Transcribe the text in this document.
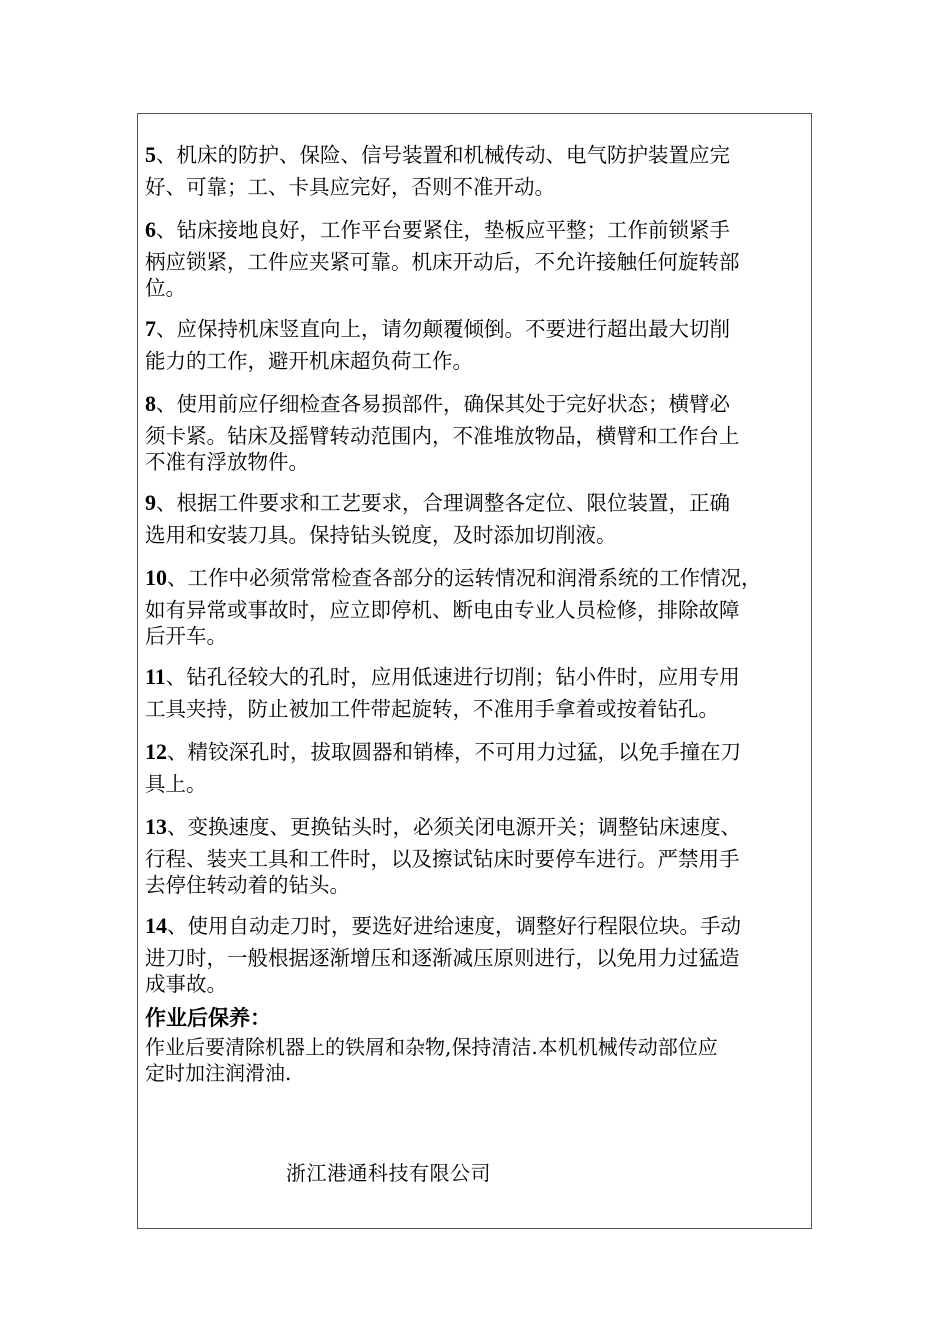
5、机床的防护、保险、信号装置和机械传动、电气防护装置应完

好、可靠；工、卡具应完好，否则不准开动。

6、钻床接地良好，工作平台要紧住，垫板应平整；工作前锁紧手

柄应锁紧，工件应夹紧可靠。机床开动后，不允许接触任何旋转部

位。

7、应保持机床竖直向上，请勿颠覆倾倒。不要进行超出最大切削

能力的工作，避开机床超负荷工作。

8、使用前应仔细检查各易损部件，确保其处于完好状态；横臂必

须卡紧。钻床及摇臂转动范围内，不准堆放物品，横臂和工作台上

不准有浮放物件。

9、根据工件要求和工艺要求，合理调整各定位、限位装置，正确

选用和安装刀具。保持钻头锐度，及时添加切削液。

10、工作中必须常常检查各部分的运转情况和润滑系统的工作情况，

如有异常或事故时，应立即停机、断电由专业人员检修，排除故障

后开车。

11、钻孔径较大的孔时，应用低速进行切削；钻小件时，应用专用

工具夹持，防止被加工件带起旋转，不准用手拿着或按着钻孔。

12、精铰深孔时，拔取圆器和销棒，不可用力过猛，以免手撞在刀

具上。

13、变换速度、更换钻头时，必须关闭电源开关；调整钻床速度、

行程、装夹工具和工件时，以及擦试钻床时要停车进行。严禁用手

去停住转动着的钻头。

14、使用自动走刀时，要选好进给速度，调整好行程限位块。手动

进刀时，一般根据逐渐增压和逐渐减压原则进行，以免用力过猛造

成事故。

作业后保养：

作业后要清除机器上的铁屑和杂物,保持清洁.本机机械传动部位应

定时加注润滑油.

浙江港通科技有限公司
